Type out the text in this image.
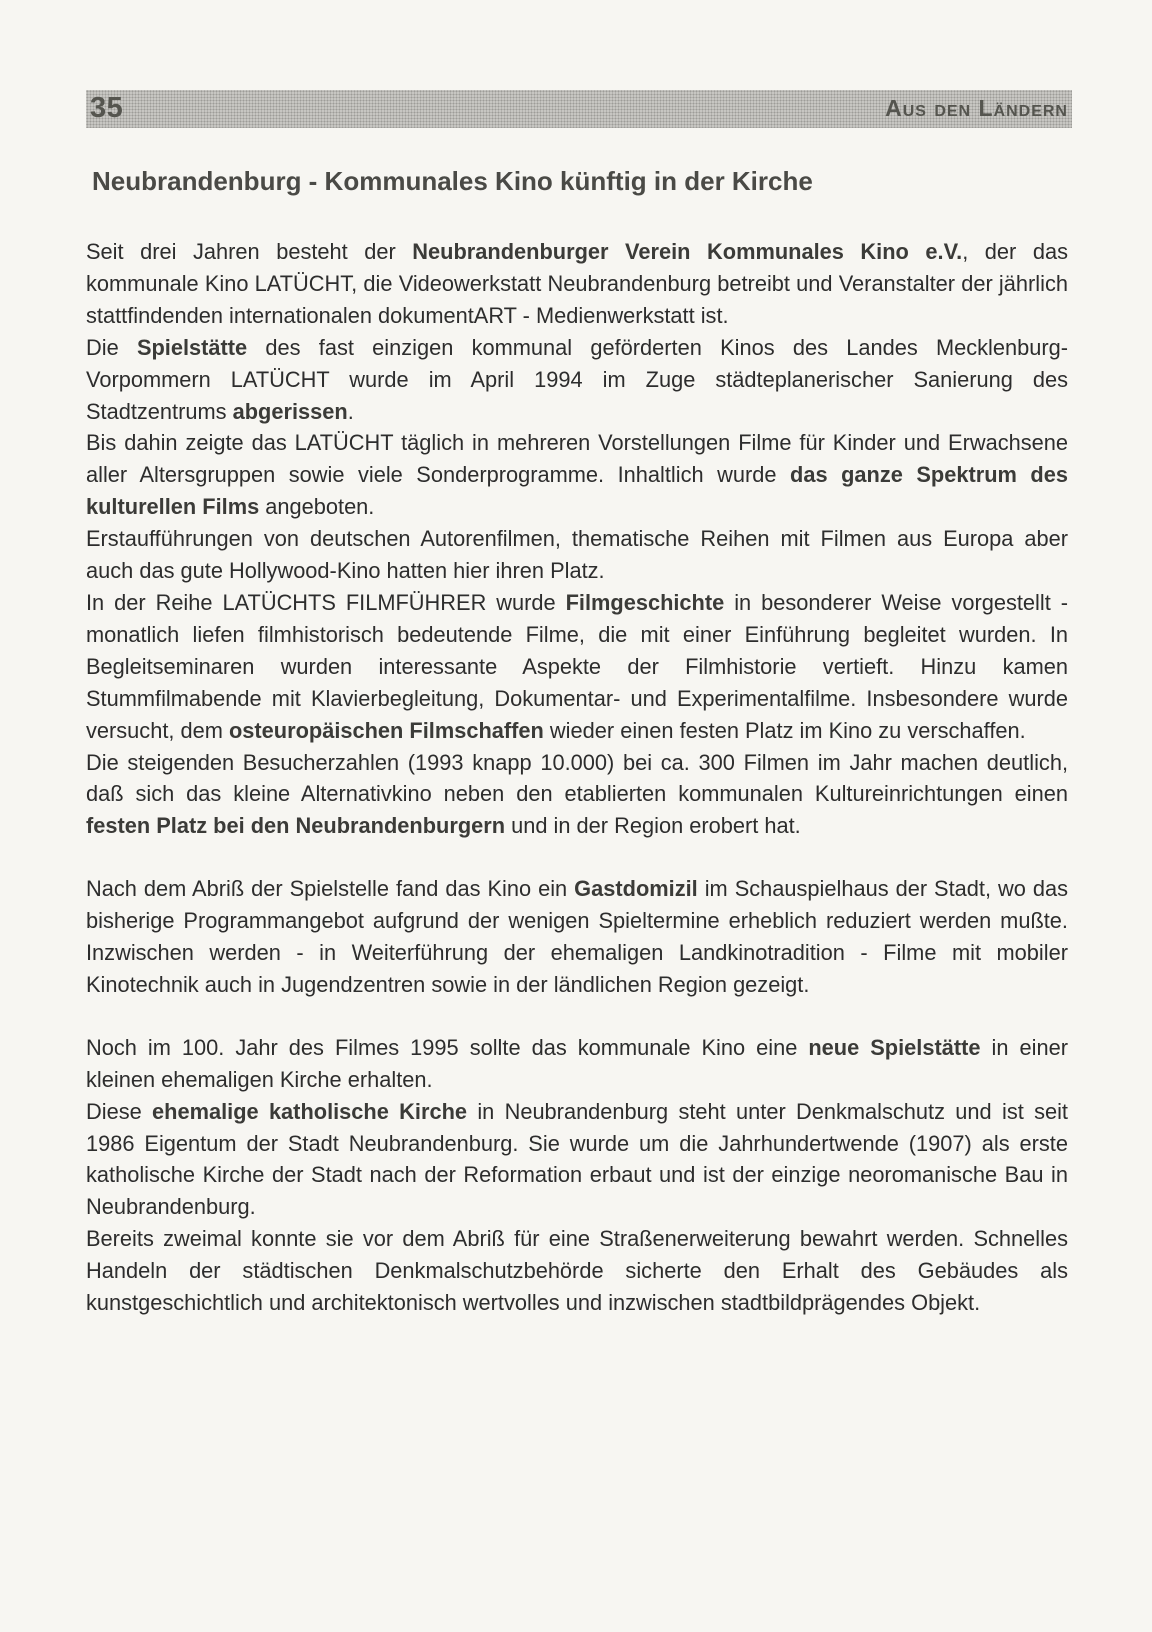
35	Aus den Ländern
Neubrandenburg - Kommunales Kino künftig in der Kirche

Seit drei Jahren besteht der Neubrandenburger Verein Kommunales Kino e.V., der das kommunale Kino LATÜCHT, die Videowerkstatt Neubrandenburg betreibt und Veranstalter der jährlich stattfindenden internationalen dokumentART - Medienwerkstatt ist.

Die Spielstätte des fast einzigen kommunal geförderten Kinos des Landes Mecklenburg-Vorpommern LATÜCHT wurde im April 1994 im Zuge städteplanerischer Sanierung des Stadtzentrums abgerissen.

Bis dahin zeigte das LATÜCHT täglich in mehreren Vorstellungen Filme für Kinder und Erwachsene aller Altersgruppen sowie viele Sonderprogramme. Inhaltlich wurde das ganze Spektrum des kulturellen Films angeboten.

Erstaufführungen von deutschen Autorenfilmen, thematische Reihen mit Filmen aus Europa aber auch das gute Hollywood-Kino hatten hier ihren Platz.

In der Reihe LATÜCHTS FILMFÜHRER wurde Filmgeschichte in besonderer Weise vorgestellt - monatlich liefen filmhistorisch bedeutende Filme, die mit einer Einführung begleitet wurden. In Begleitseminaren wurden interessante Aspekte der Filmhistorie vertieft. Hinzu kamen Stummfilmabende mit Klavierbegleitung, Dokumentar- und Experimentalfilme. Insbesondere wurde versucht, dem osteuropäischen Filmschaffen wieder einen festen Platz im Kino zu verschaffen.

Die steigenden Besucherzahlen (1993 knapp 10.000) bei ca. 300 Filmen im Jahr machen deutlich, daß sich das kleine Alternativkino neben den etablierten kommunalen Kultureinrichtungen einen festen Platz bei den Neubrandenburgern und in der Region erobert hat.

Nach dem Abriß der Spielstelle fand das Kino ein Gastdomizil im Schauspielhaus der Stadt, wo das bisherige Programmangebot aufgrund der wenigen Spieltermine erheblich reduziert werden mußte. Inzwischen werden - in Weiterführung der ehemaligen Landkinotradition - Filme mit mobiler Kinotechnik auch in Jugendzentren sowie in der ländlichen Region gezeigt.

Noch im 100. Jahr des Filmes 1995 sollte das kommunale Kino eine neue Spielstätte in einer kleinen ehemaligen Kirche erhalten.

Diese ehemalige katholische Kirche in Neubrandenburg steht unter Denkmalschutz und ist seit 1986 Eigentum der Stadt Neubrandenburg. Sie wurde um die Jahrhundertwende (1907) als erste katholische Kirche der Stadt nach der Reformation erbaut und ist der einzige neoromanische Bau in Neubrandenburg.

Bereits zweimal konnte sie vor dem Abriß für eine Straßenerweiterung bewahrt werden. Schnelles Handeln der städtischen Denkmalschutzbehörde sicherte den Erhalt des Gebäudes als kunstgeschichtlich und architektonisch wertvolles und inzwischen stadtbildprägendes Objekt.
